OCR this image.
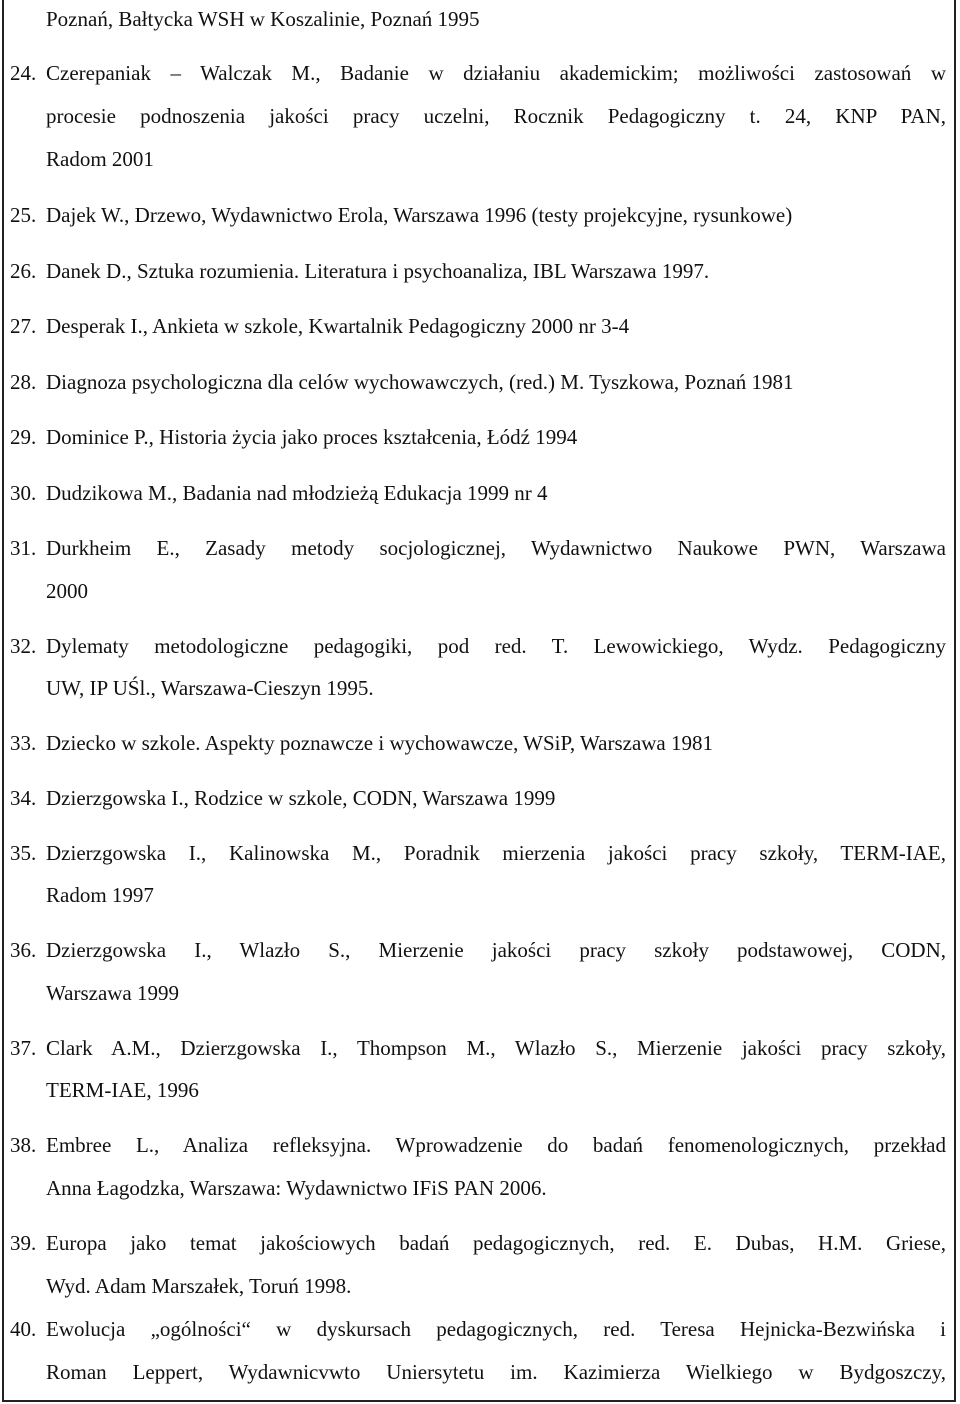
Poznań, Bałtycka WSH w Koszalinie, Poznań 1995
24. Czerepaniak – Walczak M., Badanie w działaniu akademickim; możliwości zastosowań w
procesie podnoszenia jakości pracy uczelni, Rocznik Pedagogiczny t. 24, KNP PAN,
Radom 2001
25. Dajek W., Drzewo, Wydawnictwo Erola, Warszawa 1996 (testy projekcyjne, rysunkowe)
26. Danek D., Sztuka rozumienia. Literatura i psychoanaliza, IBL Warszawa 1997.
27. Desperak I., Ankieta w szkole, Kwartalnik Pedagogiczny 2000 nr 3-4
28. Diagnoza psychologiczna dla celów wychowawczych, (red.) M. Tyszkowa, Poznań 1981
29. Dominice P., Historia życia jako proces kształcenia, Łódź 1994
30. Dudzikowa M., Badania nad młodzieżą Edukacja 1999 nr 4
31. Durkheim E., Zasady metody socjologicznej, Wydawnictwo Naukowe PWN, Warszawa
2000
32. Dylematy metodologiczne pedagogiki, pod red. T. Lewowickiego, Wydz. Pedagogiczny
UW, IP UŚl., Warszawa-Cieszyn 1995.
33. Dziecko w szkole. Aspekty poznawcze i wychowawcze, WSiP, Warszawa 1981
34. Dzierzgowska I., Rodzice w szkole, CODN, Warszawa 1999
35. Dzierzgowska I., Kalinowska M., Poradnik mierzenia jakości pracy szkoły, TERM-IAE,
Radom 1997
36. Dzierzgowska I., Wlazło S., Mierzenie jakości pracy szkoły podstawowej, CODN,
Warszawa 1999
37. Clark A.M., Dzierzgowska I., Thompson M., Wlazło S., Mierzenie jakości pracy szkoły,
TERM-IAE, 1996
38. Embree L., Analiza refleksyjna. Wprowadzenie do badań fenomenologicznych, przekład
Anna Łagodzka, Warszawa: Wydawnictwo IFiS PAN 2006.
39. Europa jako temat jakościowych badań pedagogicznych, red. E. Dubas, H.M. Griese,
Wyd. Adam Marszałek, Toruń 1998.
40. Ewolucja „ogólności“ w dyskursach pedagogicznych, red. Teresa Hejnicka-Bezwińska i
Roman Leppert, Wydawnicvwto Uniersytetu im. Kazimierza Wielkiego w Bydgoszczy,
